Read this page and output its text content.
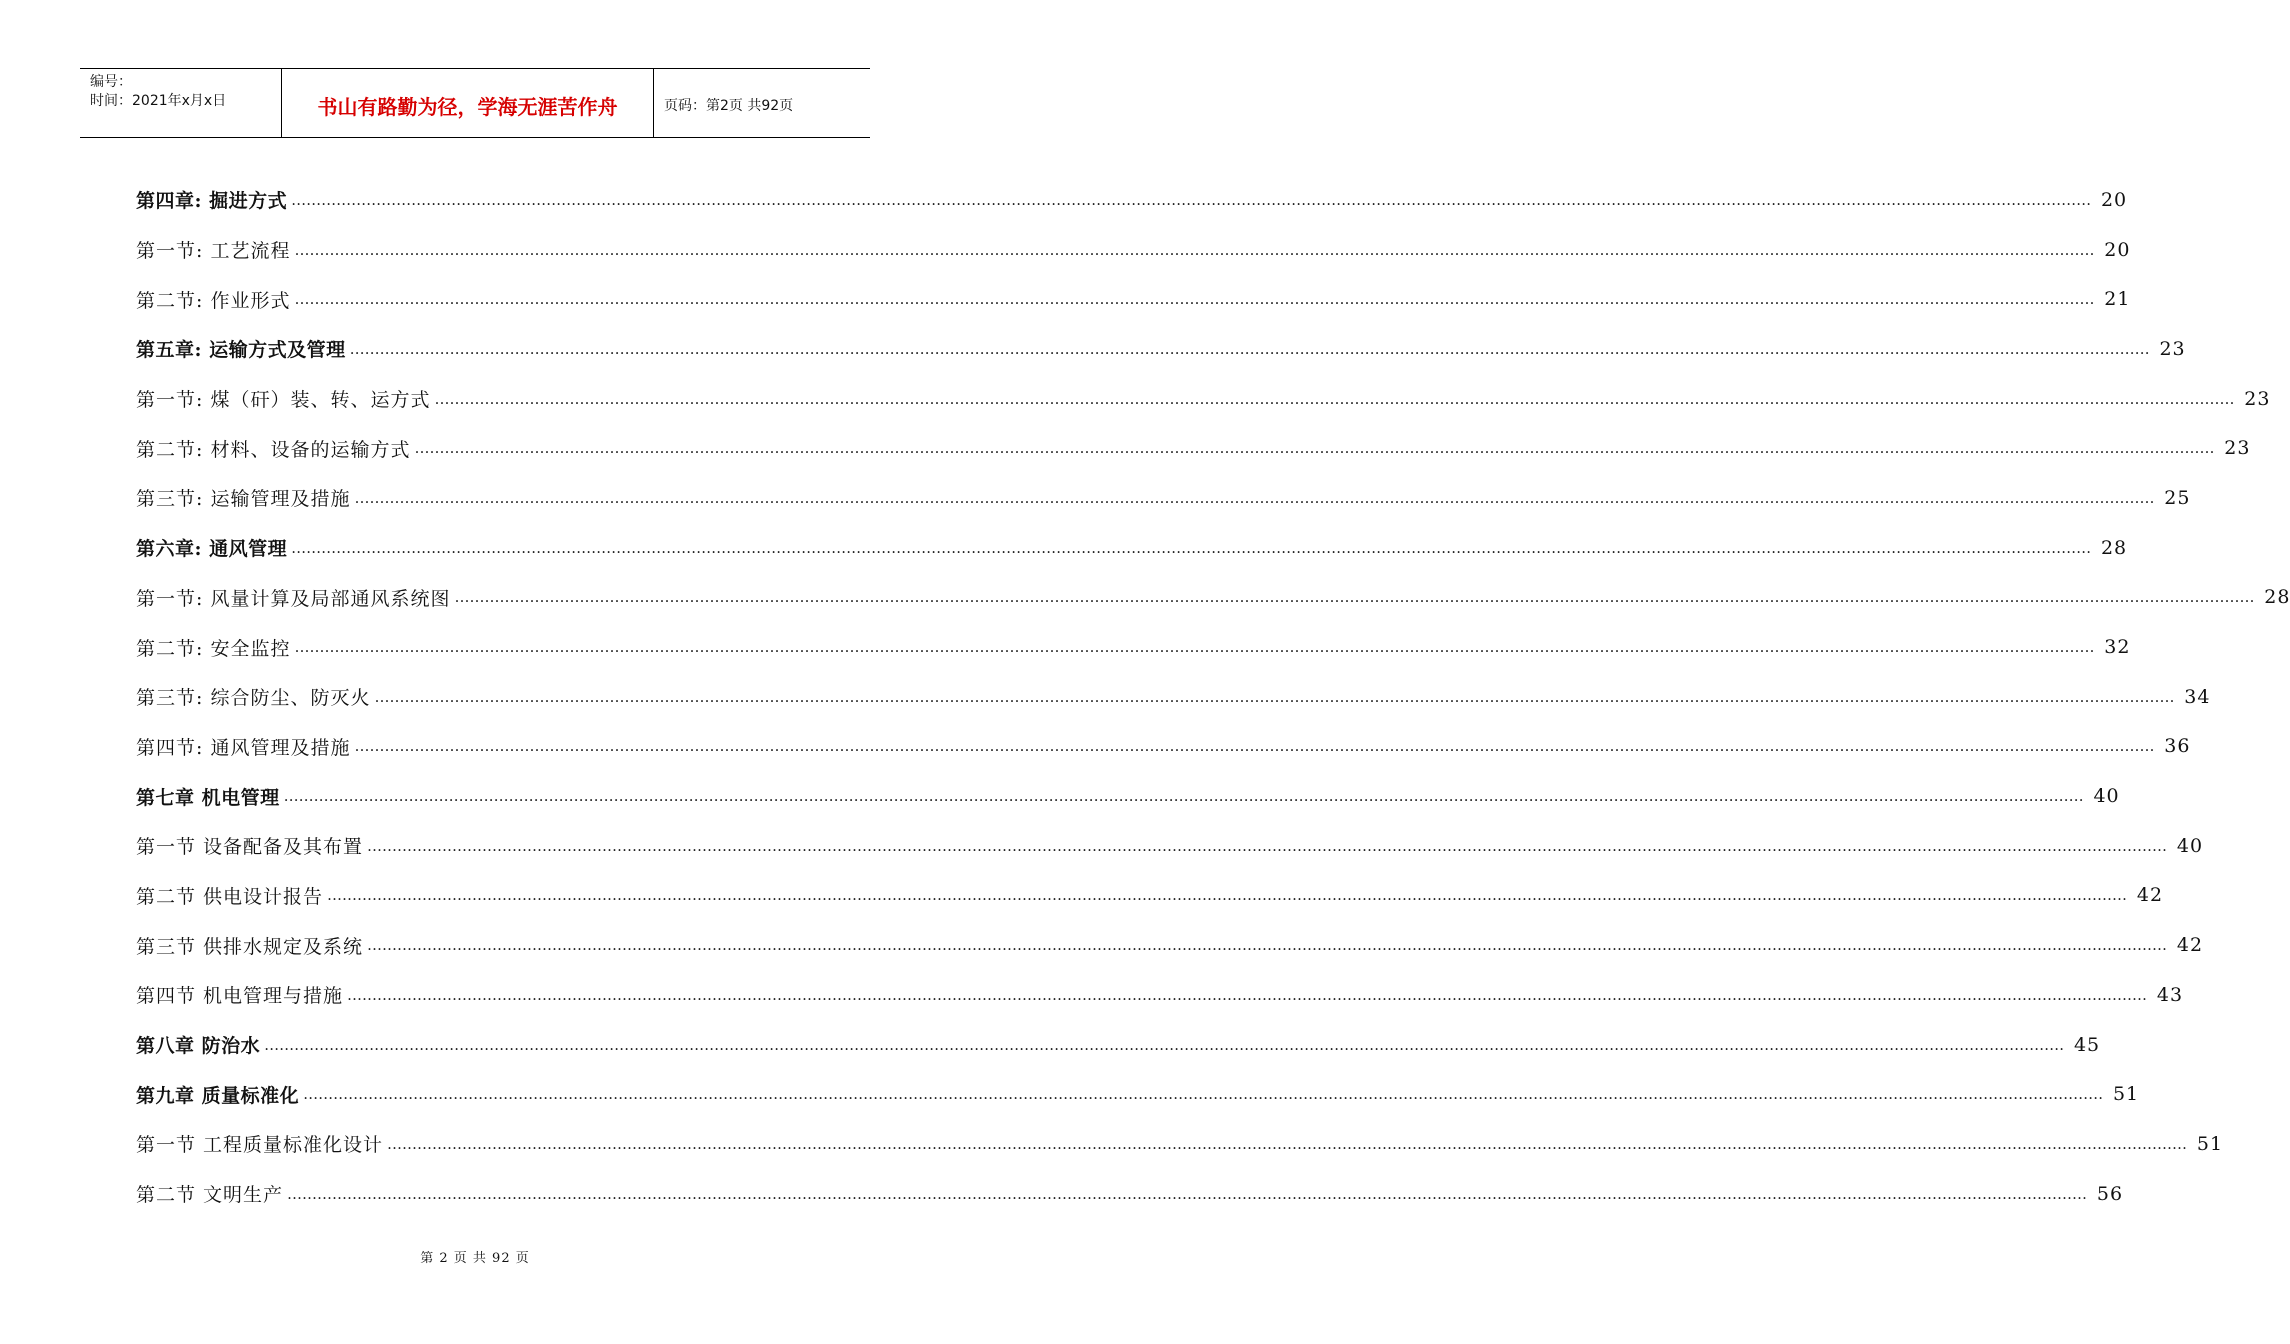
编号：
时间：2021年x月x日	书山有路勤为径，学海无涯苦作舟	页码：第2页 共92页
第四章: 掘进方式 ……………………………………………………………………………………………………………………………………………………………………………………………………………………………………………………………………………………………………………………………… 20
第一节: 工艺流程 ……………………………………………………………………………………………………………………………………………………………………………………………………………………………………………………………………………………………………………………………… 20
第二节: 作业形式 ……………………………………………………………………………………………………………………………………………………………………………………………………………………………………………………………………………………………………………………………… 21
第五章: 运输方式及管理 ……………………………………………………………………………………………………………………………………………………………………………………………………………………………………………………………………………………………………………………………… 23
第一节: 煤（矸）装、转、运方式 ……………………………………………………………………………………………………………………………………………………………………………………………………………………………………………………………………………………………………………………………… 23
第二节: 材料、设备的运输方式 ……………………………………………………………………………………………………………………………………………………………………………………………………………………………………………………………………………………………………………………………… 23
第三节: 运输管理及措施 ……………………………………………………………………………………………………………………………………………………………………………………………………………………………………………………………………………………………………………………………… 25
第六章: 通风管理 ……………………………………………………………………………………………………………………………………………………………………………………………………………………………………………………………………………………………………………………………… 28
第一节: 风量计算及局部通风系统图 ……………………………………………………………………………………………………………………………………………………………………………………………………………………………………………………………………………………………………………………………… 28
第二节: 安全监控 ……………………………………………………………………………………………………………………………………………………………………………………………………………………………………………………………………………………………………………………………… 32
第三节: 综合防尘、防灭火 ……………………………………………………………………………………………………………………………………………………………………………………………………………………………………………………………………………………………………………………………… 34
第四节: 通风管理及措施 ……………………………………………………………………………………………………………………………………………………………………………………………………………………………………………………………………………………………………………………………… 36
第七章 机电管理 ……………………………………………………………………………………………………………………………………………………………………………………………………………………………………………………………………………………………………………………………… 40
第一节 设备配备及其布置 ……………………………………………………………………………………………………………………………………………………………………………………………………………………………………………………………………………………………………………………………… 40
第二节 供电设计报告 ……………………………………………………………………………………………………………………………………………………………………………………………………………………………………………………………………………………………………………………………… 42
第三节 供排水规定及系统 ……………………………………………………………………………………………………………………………………………………………………………………………………………………………………………………………………………………………………………………………… 42
第四节 机电管理与措施 ……………………………………………………………………………………………………………………………………………………………………………………………………………………………………………………………………………………………………………………………… 43
第八章 防治水 ……………………………………………………………………………………………………………………………………………………………………………………………………………………………………………………………………………………………………………………………… 45
第九章 质量标准化 ……………………………………………………………………………………………………………………………………………………………………………………………………………………………………………………………………………………………………………………………… 51
第一节 工程质量标准化设计 ……………………………………………………………………………………………………………………………………………………………………………………………………………………………………………………………………………………………………………………………… 51
第二节 文明生产 ……………………………………………………………………………………………………………………………………………………………………………………………………………………………………………………………………………………………………………………………… 56
第 2 页 共 92 页
